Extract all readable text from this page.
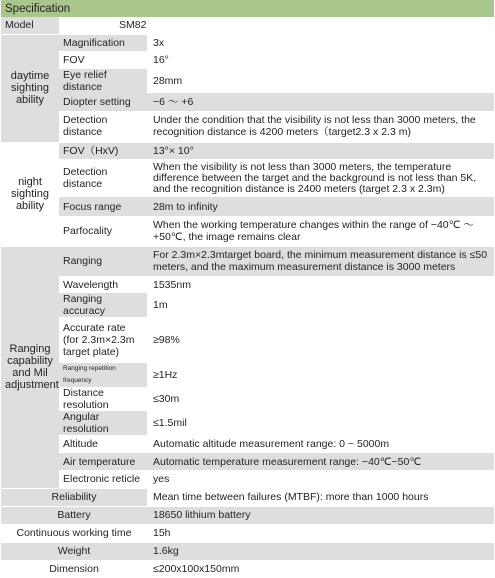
Specification		
Model	SM82	
daytime sighting ability	Magnification	3x
	FOV	16°
	Eye relief distance	28mm
	Diopter setting	−6 ～ +6
	Detection distance	Under the condition that the visibility is not less than 3000 meters, the recognition distance is 4200 meters（target2.3 x 2.3 m)
night sighting ability	FOV（HxV)	13°× 10°
	Detection distance	When the visibility is not less than 3000 meters, the temperature difference between the target and the background is not less than 5K, and the recognition distance is 2400 meters (target 2.3 x 2.3m)
	Focus range	28m to infinity
	Parfocality	When the working temperature changes within the range of −40℃ ～+50℃, the image remains clear
Ranging capability and Mil adjustment	Ranging	For 2.3m×2.3mtarget board, the minimum measurement distance is ≤50 meters, and the maximum measurement distance is 3000 meters
	Wavelength	1535nm
	Ranging accuracy	1m
	Accurate rate (for 2.3m×2.3m target plate)	≥98%
	Ranging repetition frequency	≥1Hz
	Distance resolution	≤30m
	Angular resolution	≤1.5mil
	Altitude	Automatic altitude measurement range: 0 ~ 5000m
	Air temperature	Automatic temperature measurement range: −40℃~50℃
	Electronic reticle	yes
Reliability		Mean time between failures (MTBF): more than 1000 hours
Battery		18650 lithium battery
Continuous working time		15h
Weight		1.6kg
Dimension		≤200x100x150mm
